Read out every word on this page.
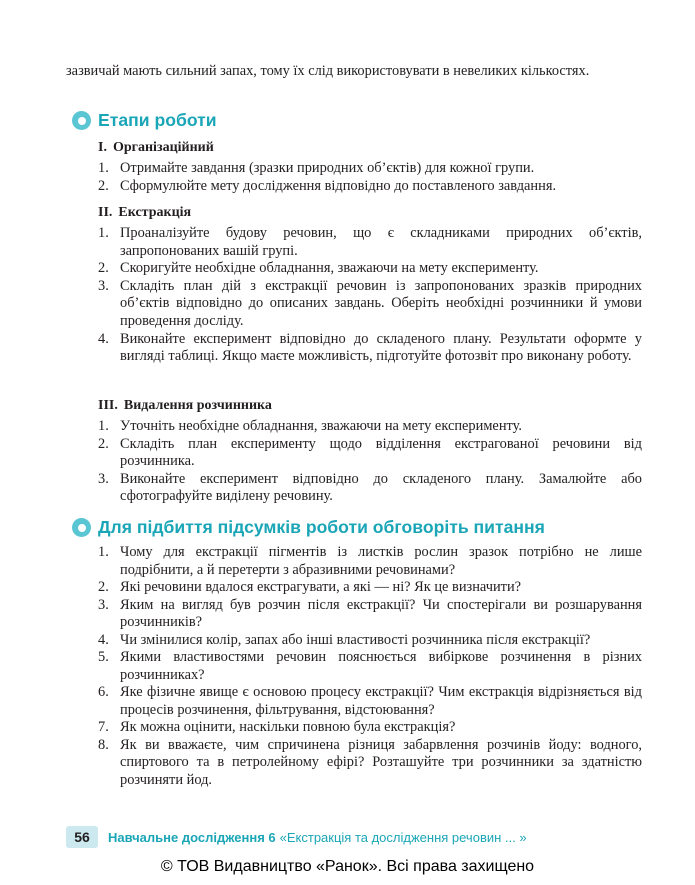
зазвичай мають сильний запах, тому їх слід використовувати в невеликих кількостях.

Етапи роботи
I. Організаційний
1. Отримайте завдання (зразки природних об’єктів) для кожної групи.
2. Сформулюйте мету дослідження відповідно до поставленого завдання.
II. Екстракція
1. Проаналізуйте будову речовин, що є складниками природних об’єктів, запропонованих вашій групі.
2. Скоригуйте необхідне обладнання, зважаючи на мету експерименту.
3. Складіть план дій з екстракції речовин із запропонованих зразків природних об’єктів відповідно до описаних завдань. Оберіть необхідні розчинники й умови проведення досліду.
4. Виконайте експеримент відповідно до складеного плану. Результати оформте у вигляді таблиці. Якщо маєте можливість, підготуйте фотозвіт про виконану роботу.
III. Видалення розчинника
1. Уточніть необхідне обладнання, зважаючи на мету експерименту.
2. Складіть план експерименту щодо відділення екстрагованої речовини від розчинника.
3. Виконайте експеримент відповідно до складеного плану. Замалюйте або сфотографуйте виділену речовину.
Для підбиття підсумків роботи обговоріть питання
1. Чому для екстракції пігментів із листків рослин зразок потрібно не лише подрібнити, а й перетерти з абразивними речовинами?
2. Які речовини вдалося екстрагувати, а які — ні? Як це визначити?
3. Яким на вигляд був розчин після екстракції? Чи спостерігали ви розшарування розчинників?
4. Чи змінилися колір, запах або інші властивості розчинника після екстракції?
5. Якими властивостями речовин пояснюється вибіркове розчинення в різних розчинниках?
6. Яке фізичне явище є основою процесу екстракції? Чим екстракція відрізняється від процесів розчинення, фільтрування, відстоювання?
7. Як можна оцінити, наскільки повною була екстракція?
8. Як ви вважаєте, чим спричинена різниця забарвлення розчинів йоду: водного, спиртового та в петролейному ефірі? Розташуйте три розчинники за здатністю розчиняти йод.
56	Навчальне дослідження 6 «Екстракція та дослідження речовин ... »
© ТОВ Видавництво «Ранок». Всі права захищено
